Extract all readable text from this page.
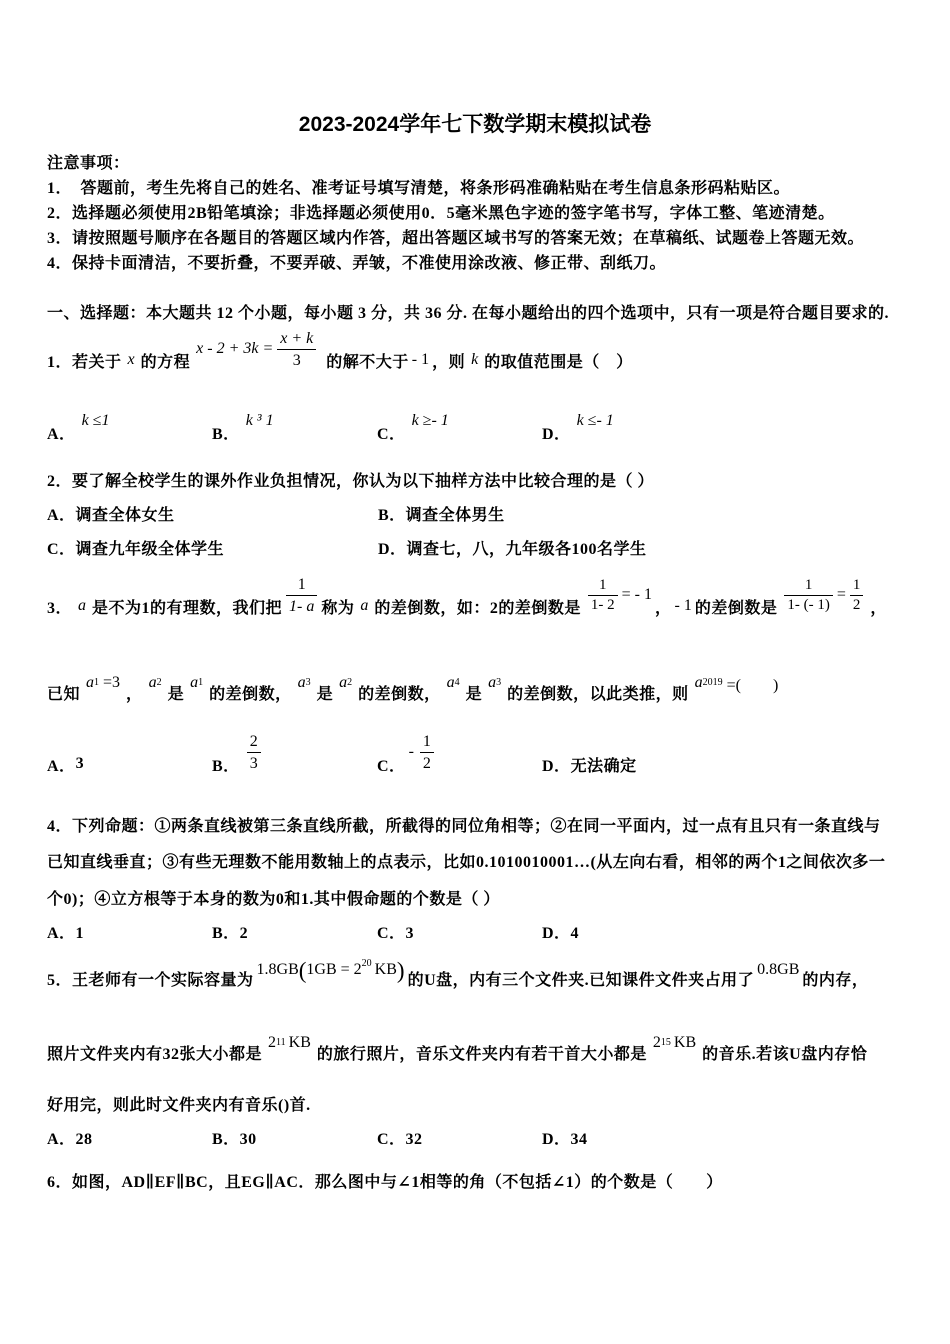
2023-2024学年七下数学期末模拟试卷
注意事项：
1．　答题前，考生先将自己的姓名、准考证号填写清楚，将条形码准确粘贴在考生信息条形码粘贴区。
2．选择题必须使用2B铅笔填涂；非选择题必须使用0．5毫米黑色字迹的签字笔书写，字体工整、笔迹清楚。
3．请按照题号顺序在各题目的答题区域内作答，超出答题区域书写的答案无效；在草稿纸、试题卷上答题无效。
4．保持卡面清洁，不要折叠，不要弄破、弄皱，不准使用涂改液、修正带、刮纸刀。
一、选择题：本大题共 12 个小题，每小题 3 分，共 36 分. 在每小题给出的四个选项中，只有一项是符合题目要求的.
1．若关于 x 的方程
$x - 2 + 3k = \frac{x + k}{3}$ 的解不大于 - 1 ，则 k 的取值范围是（　）
A．
k ≤1
B．
k ³ 1
C．
k ≥- 1
D．
k ≤- 1
2．要了解全校学生的课外作业负担情况，你认为以下抽样方法中比较合理的是（ ）
A．调查全体女生	B．调查全体男生
C．调查九年级全体学生	D．调查七，八，九年级各100名学生
3． a 是不为1的有理数，我们把 $\frac{1}{1- a}$ 称为 a 的差倒数，如：2的差倒数是 $\frac{1}{1- 2}$ = - 1
， - 1 的差倒数是 $\frac{1}{1- (- 1)} = \frac{1}{2}$ ，
已知
a 1 =3
，
a 2
是
a 1
的差倒数，
a 3
是
a 2
的差倒数，
a 4
是
a 3
的差倒数，以此类推，则
a 2019 =(　　)
A． 3	B． $\frac{2}{3}$	C．
- $\frac{1}{2}$	D． 无法确定
4．下列命题：①两条直线被第三条直线所截，所截得的同位角相等；②在同一平面内，过一点有且只有一条直线与
已知直线垂直；③有些无理数不能用数轴上的点表示，比如0.1010010001…(从左向右看，相邻的两个1之间依次多一
个0)；④立方根等于本身的数为0和1.其中假命题的个数是（ ）
A．1	B．2	C．3	D．4
5．王老师有一个实际容量为
1.8GB ( $1GB = 2^{20}$ KB ) 的U盘，内有三个文件夹.已知课件文件夹占用了
0.8GB
的内存，
照片文件夹内有32张大小都是
2 11 KB
的旅行照片，音乐文件夹内有若干首大小都是
2 15 KB
的音乐.若该U盘内存恰
好用完，则此时文件夹内有音乐()首.
A．28	B．30	C．32	D．34
6．如图，AD∥EF∥BC，且EG∥AC．那么图中与∠1相等的角（不包括∠1）的个数是（　　）
